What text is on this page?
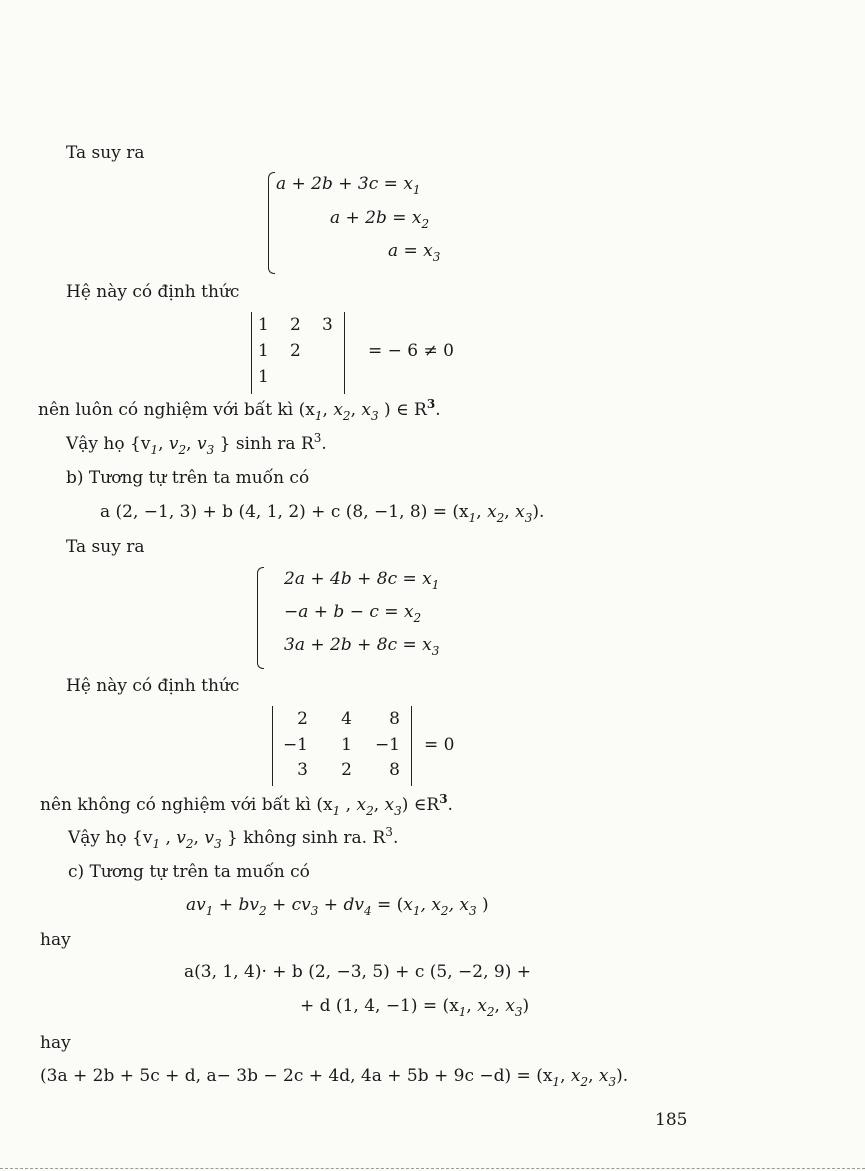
Ta suy ra
$a + 2b + 3c = x_1$
$a + 2b = x_2$
$a = x_3$
Hệ này có định thức
1 2 3
1 2
1
= − 6 ≠ 0
nên luôn có nghiệm với bất kì ($x_1$, $x_2$, $x_3$ ) ∈ $R^3$.
Vậy họ {$v_1$, $v_2$, $v_3$ } sinh ra $R^3$.
b) Tương tự trên ta muốn có
a (2, −1, 3) + b (4, 1, 2) + c (8, −1, $8) = (x_1$, $x_2$, $x_3$).
Ta suy ra
$2a + 4b + 8c = x_1$
$-a + b - c = x_2$
$3a + 2b + 8c = x_3$
Hệ này có định thức
2	4	8
−1	1 −1
3	2	8
= 0
nên không có nghiệm với bất kì ($x_1$ , $x_2$, $x_3$) $\in R^3$.
Vậy họ {$v_1$ , $v_2$, $v_3$ } không sinh ra. $R^3$.
c) Tương tự trên ta muốn có
$av_1 + bv_2 + cv_3 + dv_4 = (x_1$, $x_2$, $x_3$ )
hay
a(3, 1, 4)· + b (2, −3, 5) + c (5, −2, 9) +
+ d (1, 4, $-1) = (x_1$, $x_2$, $x_3$)
hay
(3a + 2b + 5c + d, a− 3b − 2c + 4d, $4a + 5b + 9c -d) = (x_1$, $x_2$, $x_3$).
185
